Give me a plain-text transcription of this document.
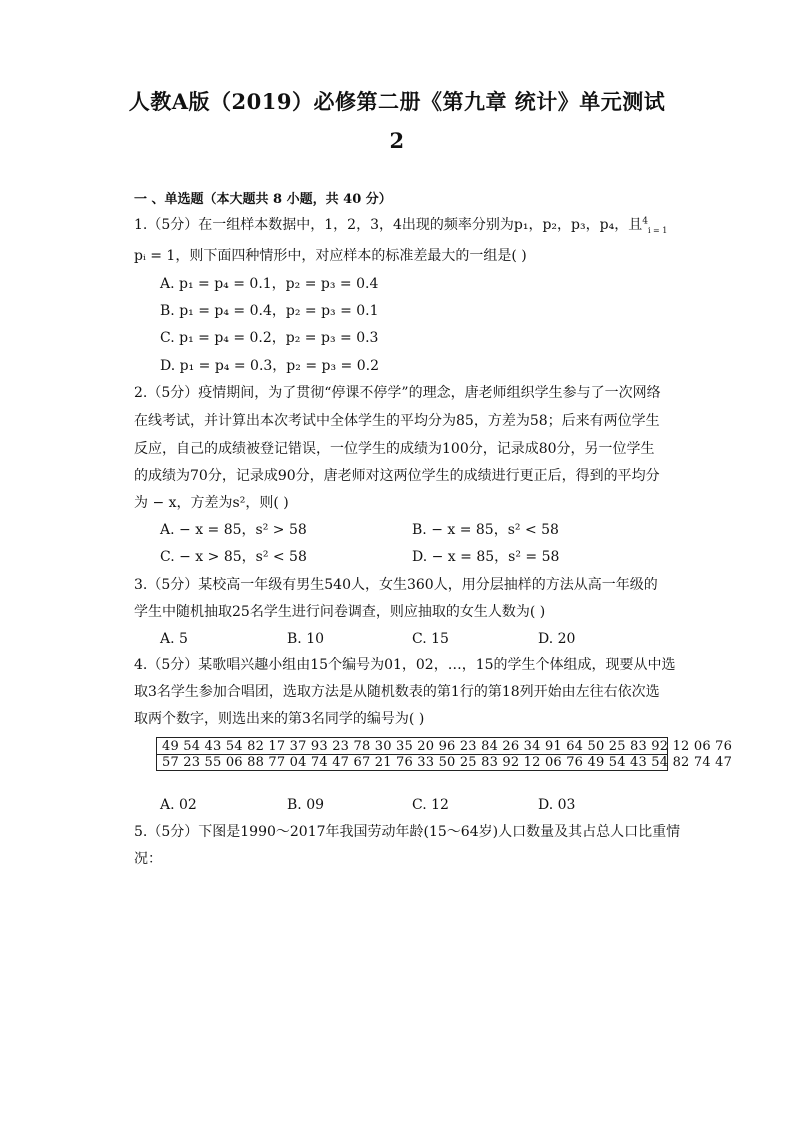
人教A版（2019）必修第二册《第九章 统计》单元测试
2
一 、单选题（本大题共 8 小题，共 40 分）
1.（5分）在一组样本数据中，1，2，3，4出现的频率分别为p₁，p₂，p₃，p₄，且$^4_{i = 1}$
pᵢ = 1，则下面四种情形中，对应样本的标准差最大的一组是( )
A. p₁ = p₄ = 0.1，p₂ = p₃ = 0.4
B. p₁ = p₄ = 0.4，p₂ = p₃ = 0.1
C. p₁ = p₄ = 0.2，p₂ = p₃ = 0.3
D. p₁ = p₄ = 0.3，p₂ = p₃ = 0.2
2.（5分）疫情期间，为了贯彻“停课不停学”的理念，唐老师组织学生参与了一次网络
在线考试，并计算出本次考试中全体学生的平均分为85，方差为58；后来有两位学生
反应，自己的成绩被登记错误，一位学生的成绩为100分，记录成80分，另一位学生
的成绩为70分，记录成90分，唐老师对这两位学生的成绩进行更正后，得到的平均分
为 − x，方差为s²，则( )
A. − x = 85，s² > 58	B. − x = 85，s² < 58
C. − x > 85，s² < 58	D. − x = 85，s² = 58
3.（5分）某校高一年级有男生540人，女生360人，用分层抽样的方法从高一年级的
学生中随机抽取25名学生进行问卷调查，则应抽取的女生人数为( )
A. 5	B. 10	C. 15	D. 20
4.（5分）某歌唱兴趣小组由15个编号为01，02，…，15的学生个体组成，现要从中选
取3名学生参加合唱团，选取方法是从随机数表的第1行的第18列开始由左往右依次选
取两个数字，则选出来的第3名同学的编号为( )
49 54 43 54 82 17 37 93 23 78 30 35 20 96 23 84 26 34 91 64 50 25 83 92 12 06 76
57 23 55 06 88 77 04 74 47 67 21 76 33 50 25 83 92 12 06 76 49 54 43 54 82 74 47
A. 02	B. 09	C. 12	D. 03
5.（5分）下图是1990～2017年我国劳动年龄(15～64岁)人口数量及其占总人口比重情
况：
